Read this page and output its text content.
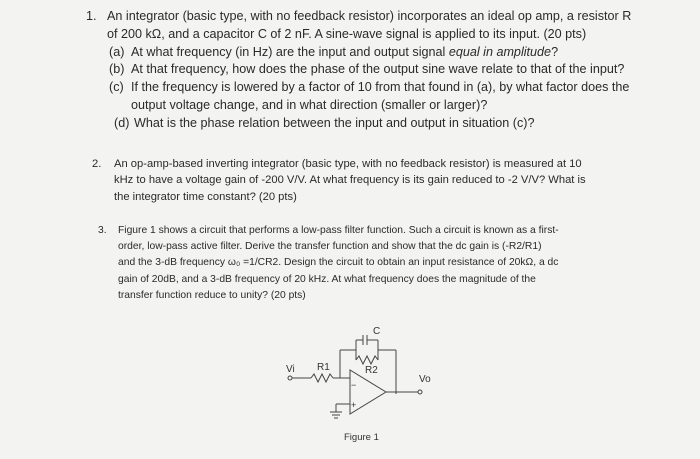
1. An integrator (basic type, with no feedback resistor) incorporates an ideal op amp, a resistor R
of 200 kΩ, and a capacitor C of 2 nF. A sine-wave signal is applied to its input. (20 pts)
(a) At what frequency (in Hz) are the input and output signal equal in amplitude?
(b) At that frequency, how does the phase of the output sine wave relate to that of the input?
(c) If the frequency is lowered by a factor of 10 from that found in (a), by what factor does the
output voltage change, and in what direction (smaller or larger)?
(d) What is the phase relation between the input and output in situation (c)?
2. An op-amp-based inverting integrator (basic type, with no feedback resistor) is measured at 10
kHz to have a voltage gain of -200 V/V. At what frequency is its gain reduced to -2 V/V? What is
the integrator time constant? (20 pts)
3. Figure 1 shows a circuit that performs a low-pass filter function. Such a circuit is known as a first-
order, low-pass active filter. Derive the transfer function and show that the dc gain is (-R2/R1)
and the 3-dB frequency ω₀ =1/CR2. Design the circuit to obtain an input resistance of 20kΩ, a dc
gain of 20dB, and a 3-dB frequency of 20 kHz. At what frequency does the magnitude of the
transfer function reduce to unity? (20 pts)
−
+
C
R2
R1
Vi
Vo
Figure 1
